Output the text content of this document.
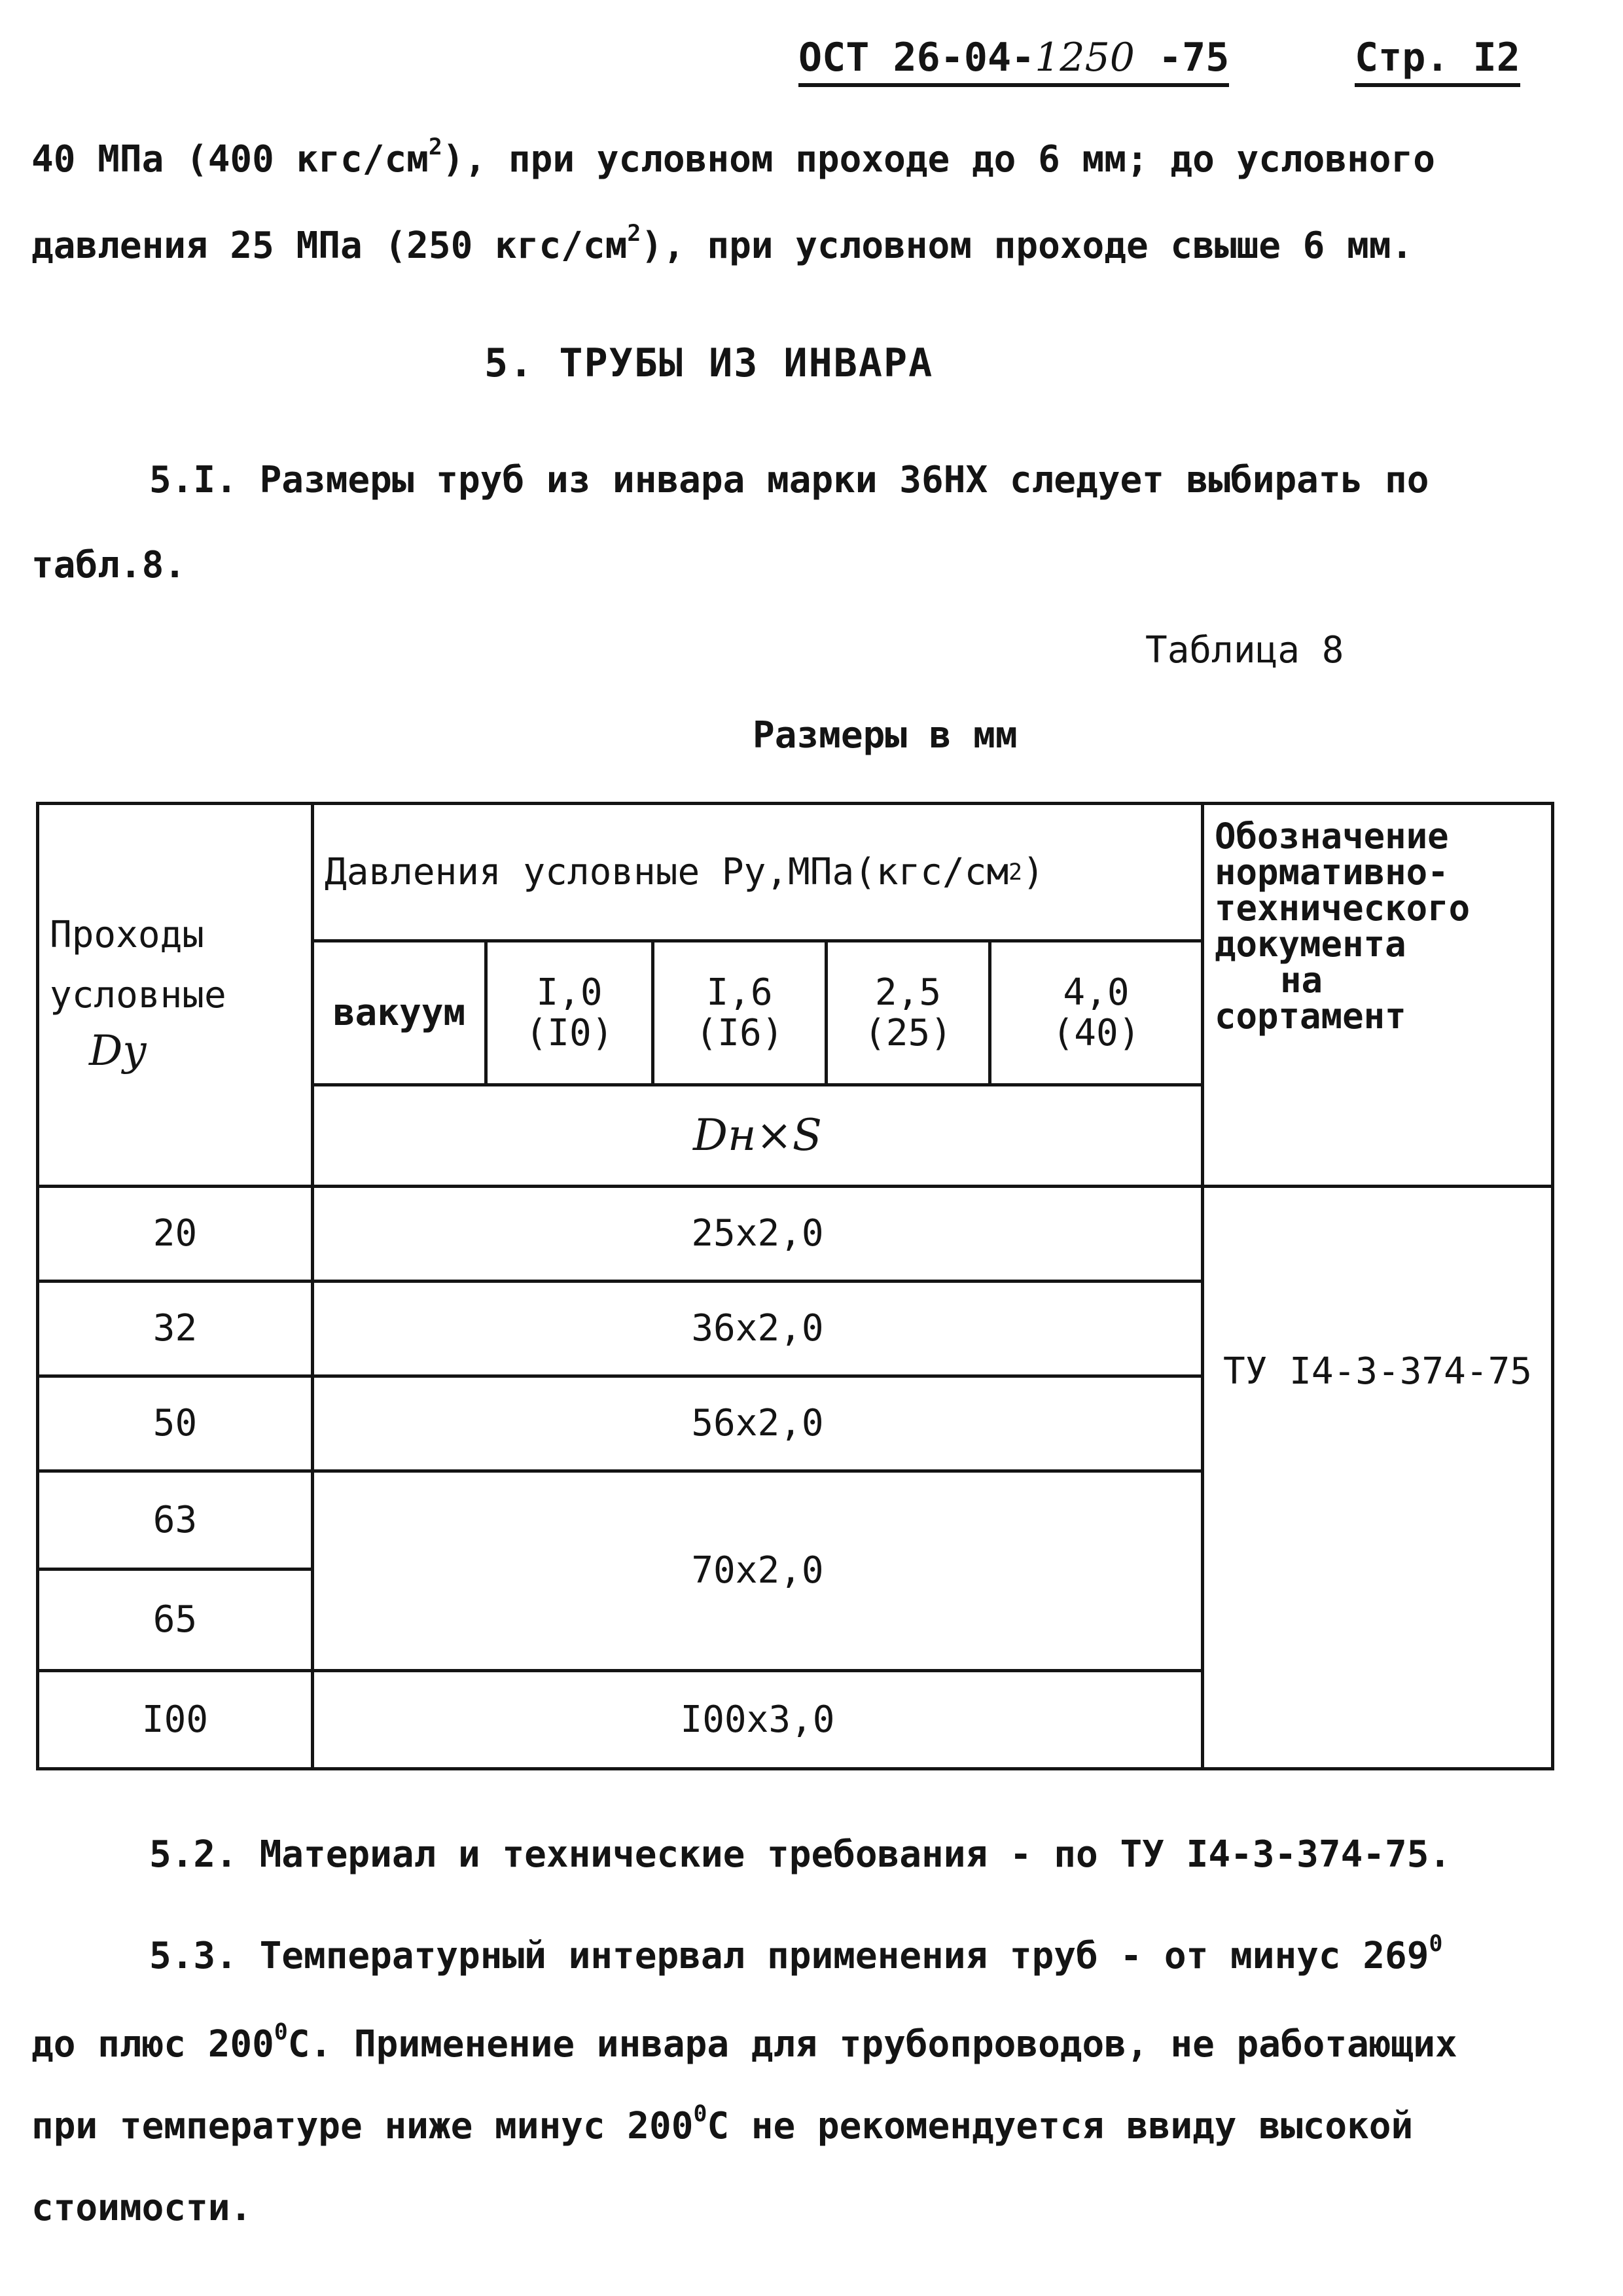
ОСТ 26-04-1250 -75	Стр. I2
40 МПа (400 кгс/$см^2$), при условном проходе до 6 мм; до условного
давления 25 МПа (250 кгс/$см^2$), при условном проходе свыше 6 мм.
5. ТРУБЫ ИЗ ИНВАРА
5.I. Размеры труб из инвара марки 36НХ следует выбирать по
табл.8.
Таблица 8
Размеры в мм
Проходы
условные
Dу
Давления условные Ру,МПа(кгс/см 2 )
вакуум	I,0
(I0)
I,6
(I6)
2,5
(25)
4,0
(40)
Dн×S
Обозначение
нормативно-
технического
документа
на
сортамент
20
32
50
63
65
I00
25x2,0
36x2,0
56x2,0
70x2,0
I00x3,0
ТУ I4-3-374-75
5.2. Материал и технические требования - по ТУ I4-3-374-75.
5.3. Температурный интервал применения труб - от минус $269^0$
до плюс $200^0С$. Применение инвара для трубопроводов, не работающих
при температуре ниже минус $200^0С$ не рекомендуется ввиду высокой
стоимости.
